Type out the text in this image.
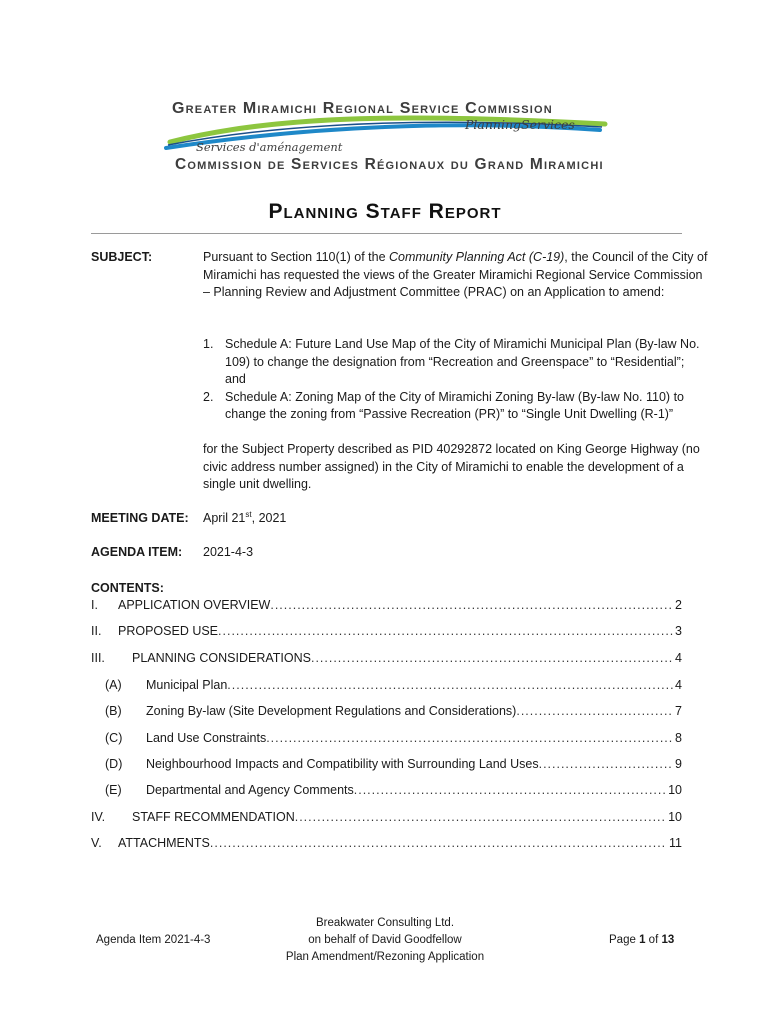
Greater Miramichi Regional Service Commission
PlanningServices
Services d'aménagement
Commission de Services Régionaux du Grand Miramichi
Planning Staff Report
SUBJECT:	Pursuant to Section 110(1) of the Community Planning Act (C-19), the Council of the City of Miramichi has requested the views of the Greater Miramichi Regional Service Commission – Planning Review and Adjustment Committee (PRAC) on an Application to amend:
1. Schedule A: Future Land Use Map of the City of Miramichi Municipal Plan (By-law No. 109) to change the designation from “Recreation and Greenspace” to “Residential”; and
2. Schedule A: Zoning Map of the City of Miramichi Zoning By-law (By-law No. 110) to change the zoning from “Passive Recreation (PR)” to “Single Unit Dwelling (R-1)”
for the Subject Property described as PID 40292872 located on King George Highway (no civic address number assigned) in the City of Miramichi to enable the development of a single unit dwelling.
MEETING DATE: April 21st, 2021
AGENDA ITEM: 2021-4-3
CONTENTS:
I. APPLICATION OVERVIEW .....	2
II. PROPOSED USE .....	3
III. PLANNING CONSIDERATIONS .....	4
(A) Municipal Plan .....	4
(B) Zoning By-law (Site Development Regulations and Considerations) .....	7
(C) Land Use Constraints .....	8
(D) Neighbourhood Impacts and Compatibility with Surrounding Land Uses .....	9
(E) Departmental and Agency Comments .....	10
IV. STAFF RECOMMENDATION .....	10
V. ATTACHMENTS .....	11
Agenda Item 2021-4-3
Breakwater Consulting Ltd.
on behalf of David Goodfellow
Plan Amendment/Rezoning Application
Page 1 of 13
